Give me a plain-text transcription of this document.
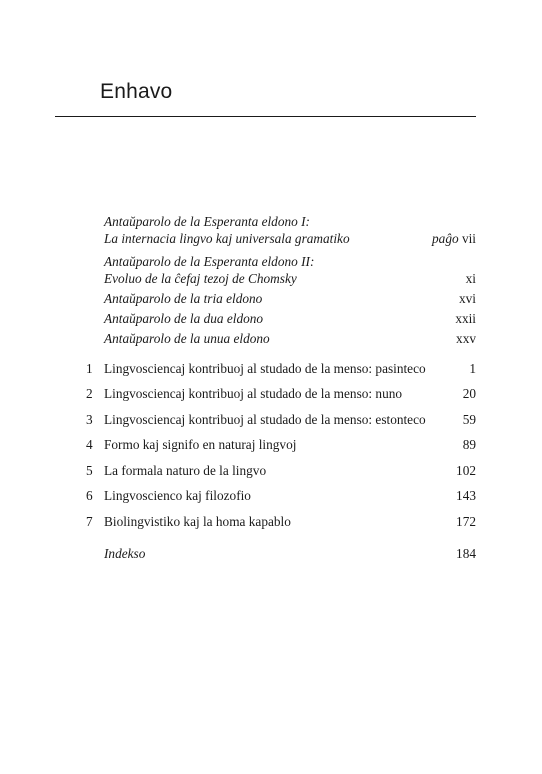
Enhavo
Antaŭparolo de la Esperanta eldono I:
La internacia lingvo kaj universala gramatiko	paĝo vii
Antaŭparolo de la Esperanta eldono II:
Evoluo de la ĉefaj tezoj de Chomsky	xi
Antaŭparolo de la tria eldono	xvi
Antaŭparolo de la dua eldono	xxii
Antaŭparolo de la unua eldono	xxv
1 Lingvosciencaj kontribuoj al studado de la menso: pasinteco	1
2 Lingvosciencaj kontribuoj al studado de la menso: nuno	20
3 Lingvosciencaj kontribuoj al studado de la menso: estonteco	59
4 Formo kaj signifo en naturaj lingvoj	89
5 La formala naturo de la lingvo	102
6 Lingvoscienco kaj filozofio	143
7 Biolingvistiko kaj la homa kapablo	172
Indekso	184
